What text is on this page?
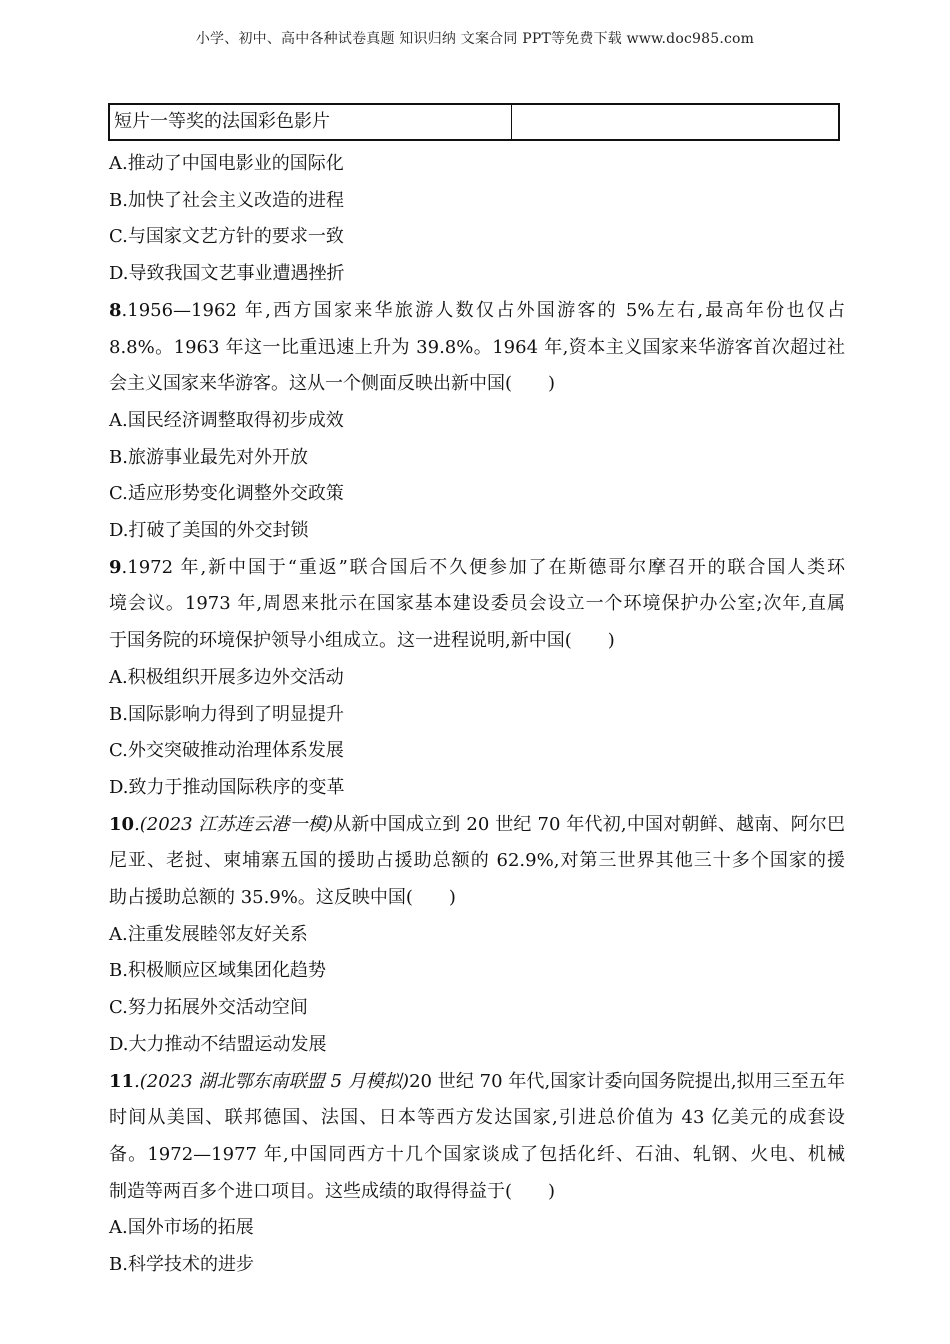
小学、初中、高中各种试卷真题 知识归纳 文案合同 PPT等免费下载 www.doc985.com
短片一等奖的法国彩色影片
A.推动了中国电影业的国际化
B.加快了社会主义改造的进程
C.与国家文艺方针的要求一致
D.导致我国文艺事业遭遇挫折
8.1956—1962 年,西方国家来华旅游人数仅占外国游客的 5%左右,最高年份也仅占
8.8%。1963 年这一比重迅速上升为 39.8%。1964 年,资本主义国家来华游客首次超过社
会主义国家来华游客。这从一个侧面反映出新中国(　　)
A.国民经济调整取得初步成效
B.旅游事业最先对外开放
C.适应形势变化调整外交政策
D.打破了美国的外交封锁
9.1972 年,新中国于“重返”联合国后不久便参加了在斯德哥尔摩召开的联合国人类环
境会议。1973 年,周恩来批示在国家基本建设委员会设立一个环境保护办公室;次年,直属
于国务院的环境保护领导小组成立。这一进程说明,新中国(　　)
A.积极组织开展多边外交活动
B.国际影响力得到了明显提升
C.外交突破推动治理体系发展
D.致力于推动国际秩序的变革
10.(2023 江苏连云港一模)从新中国成立到 20 世纪 70 年代初,中国对朝鲜、越南、阿尔巴
尼亚、老挝、柬埔寨五国的援助占援助总额的 62.9%,对第三世界其他三十多个国家的援
助占援助总额的 35.9%。这反映中国(　　)
A.注重发展睦邻友好关系
B.积极顺应区域集团化趋势
C.努力拓展外交活动空间
D.大力推动不结盟运动发展
11.(2023 湖北鄂东南联盟 5 月模拟)20 世纪 70 年代,国家计委向国务院提出,拟用三至五年
时间从美国、联邦德国、法国、日本等西方发达国家,引进总价值为 43 亿美元的成套设
备。1972—1977 年,中国同西方十几个国家谈成了包括化纤、石油、轧钢、火电、机械
制造等两百多个进口项目。这些成绩的取得得益于(　　)
A.国外市场的拓展
B.科学技术的进步
